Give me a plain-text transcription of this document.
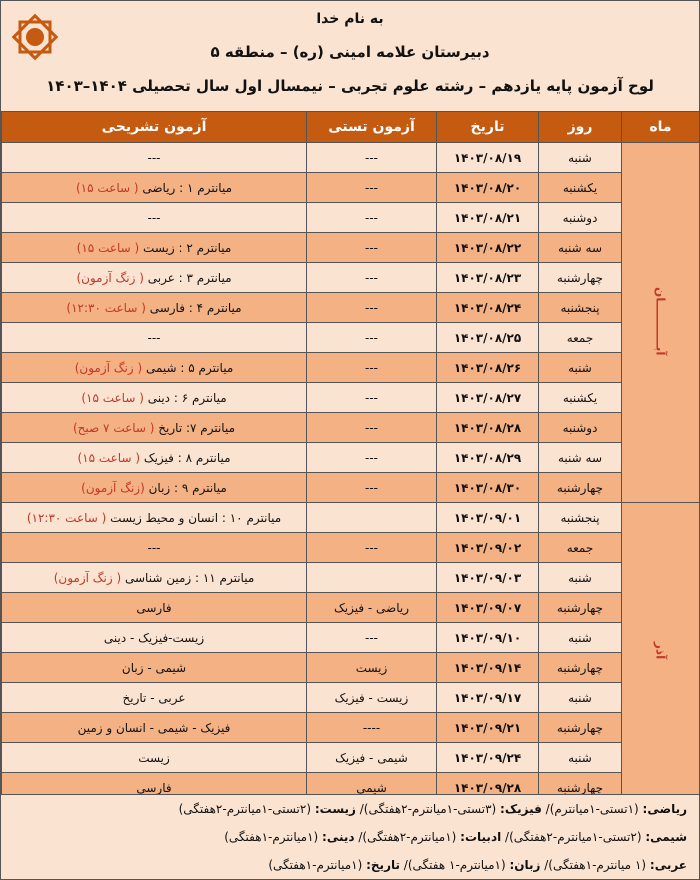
به نام خدا
دبیرستان علامه امینی (ره) – منطقه ۵
لوح آزمون پایه یازدهم – رشته علوم تجربی – نیمسال اول سال تحصیلی ۱۴۰۴–۱۴۰۳
ماه	روز	تاریخ	آزمون تستی	آزمون تشریحی
آبـــــــــــان	شنبه	۱۴۰۳/۰۸/۱۹	---	---
	یکشنبه	۱۴۰۳/۰۸/۲۰	---	میانترم ۱ : ریاضی ( ساعت ۱۵)
	دوشنبه	۱۴۰۳/۰۸/۲۱	---	---
	سه شنبه	۱۴۰۳/۰۸/۲۲	---	میانترم ۲ : زیست ( ساعت ۱۵)
	چهارشنبه	۱۴۰۳/۰۸/۲۳	---	میانترم ۳ : عربی ( زنگ آزمون)
	پنجشنبه	۱۴۰۳/۰۸/۲۴	---	میانترم ۴ : فارسی ( ساعت ۱۲:۳۰)
	جمعه	۱۴۰۳/۰۸/۲۵	---	---
	شنبه	۱۴۰۳/۰۸/۲۶	---	میانترم ۵ : شیمی ( زنگ آزمون)
	یکشنبه	۱۴۰۳/۰۸/۲۷	---	میانترم ۶ : دینی ( ساعت ۱۵)
	دوشنبه	۱۴۰۳/۰۸/۲۸	---	میانترم ۷: تاریخ ( ساعت ۷ صبح)
	سه شنبه	۱۴۰۳/۰۸/۲۹	---	میانترم ۸ : فیزیک ( ساعت ۱۵)
	چهارشنبه	۱۴۰۳/۰۸/۳۰	---	میانترم ۹ : زبان (زنگ آزمون)
آذر	پنجشنبه	۱۴۰۳/۰۹/۰۱		میانترم ۱۰ : انسان و محیط زیست ( ساعت ۱۲:۳۰)
	جمعه	۱۴۰۳/۰۹/۰۲	---	---
	شنبه	۱۴۰۳/۰۹/۰۳		میانترم ۱۱ : زمین شناسی ( زنگ آزمون)
	چهارشنبه	۱۴۰۳/۰۹/۰۷	ریاضی - فیزیک	فارسی
	شنبه	۱۴۰۳/۰۹/۱۰	---	زیست-فیزیک - دینی
	چهارشنبه	۱۴۰۳/۰۹/۱۴	زیست	شیمی - زبان
	شنبه	۱۴۰۳/۰۹/۱۷	زیست - فیزیک	عربی - تاریخ
	چهارشنبه	۱۴۰۳/۰۹/۲۱	----	فیزیک - شیمی - انسان و زمین
	شنبه	۱۴۰۳/۰۹/۲۴	شیمی - فیزیک	زیست
	چهارشنبه	۱۴۰۳/۰۹/۲۸	شیمی	فارسی
ریاضی: (۱تستی-۱میانترم)/ فیزیک: (۳تستی-۱میانترم-۲هفتگی)/ زیست: (۲تستی-۱میانترم-۲هفتگی)
شیمی: (۲تستی-۱میانترم-۲هفتگی)/ ادبیات: (۱میانترم-۲هفتگی)/ دینی: (۱میانترم-۱هفتگی)
عربی: (۱ میانترم-۱هفتگی)/ زبان: (۱میانترم-۱ هفتگی)/ تاریخ: (۱میانترم-۱هفتگی)
